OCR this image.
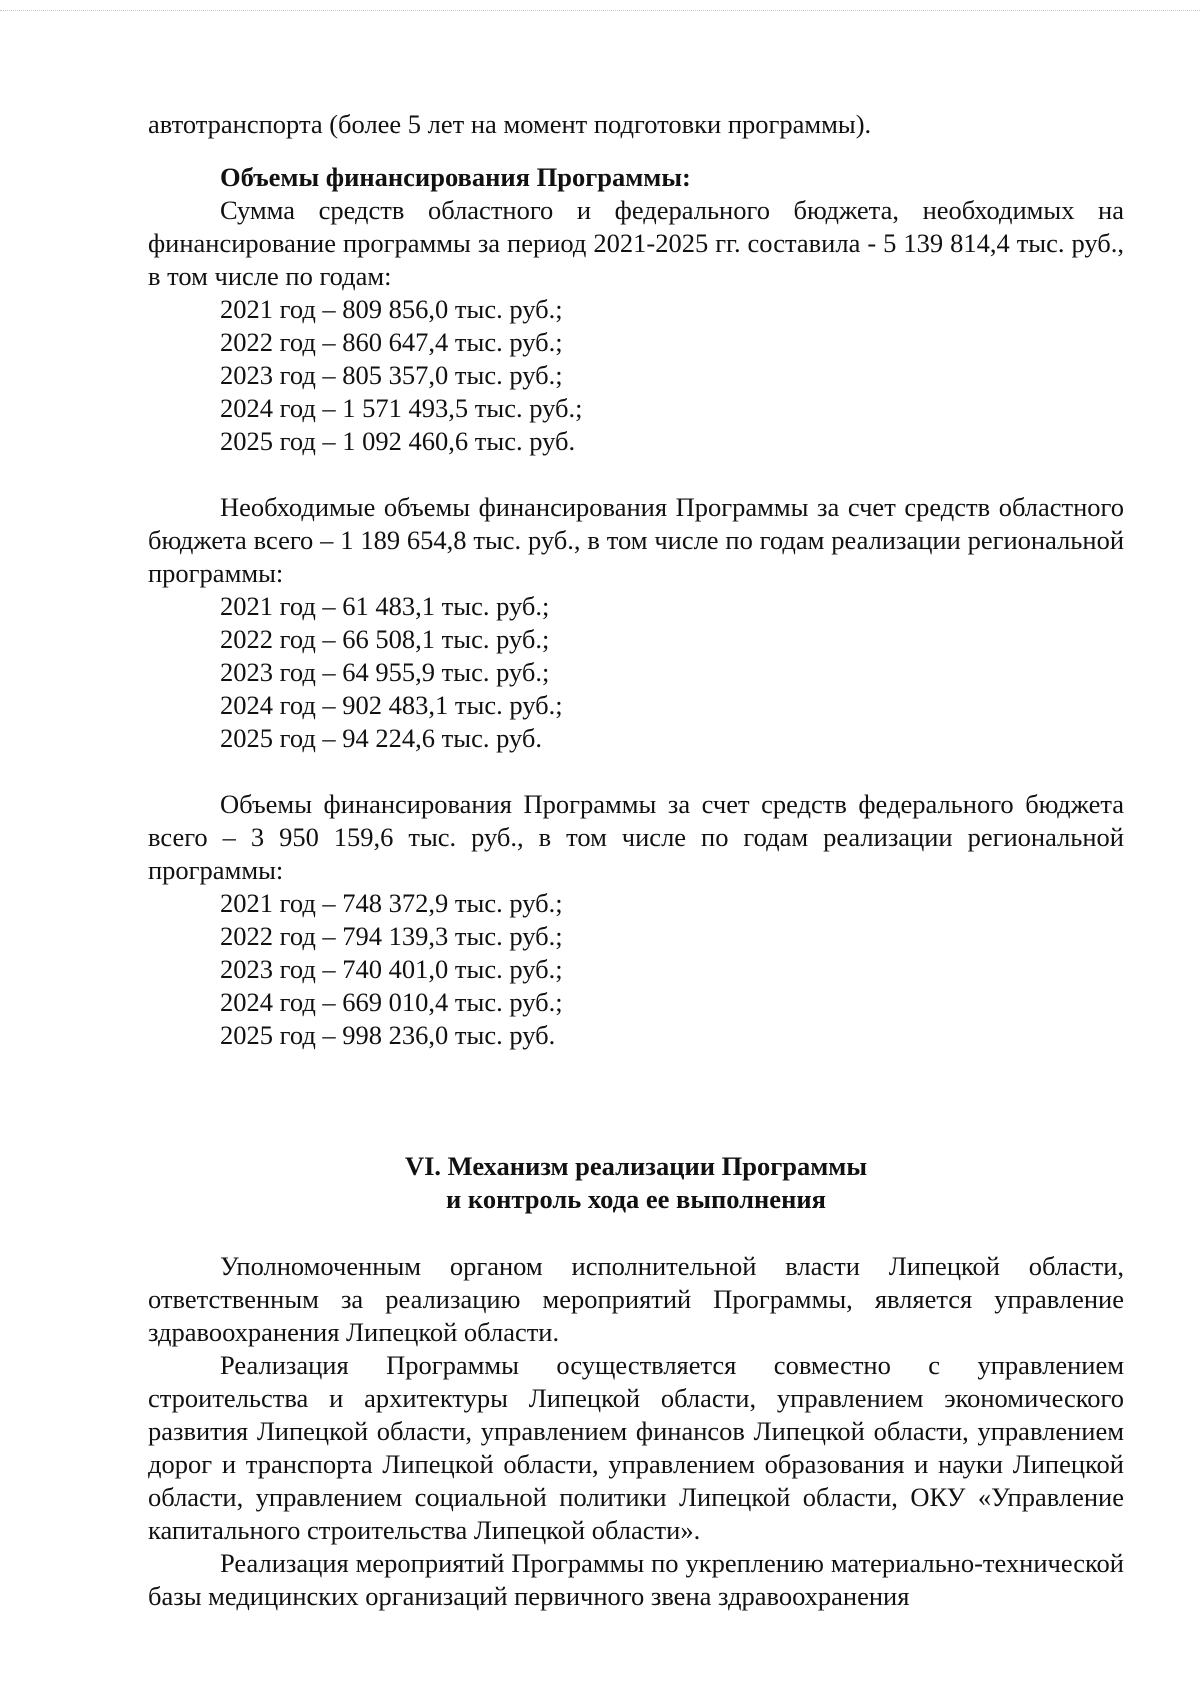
автотранспорта (более 5 лет на момент подготовки программы).

Объемы финансирования Программы:

Сумма средств областного и федерального бюджета, необходимых на финансирование программы за период 2021-2025 гг. составила - 5 139 814,4 тыс. руб., в том числе по годам:

2021 год – 809 856,0 тыс. руб.;
2022 год – 860 647,4 тыс. руб.;
2023 год – 805 357,0 тыс. руб.;
2024 год – 1 571 493,5 тыс. руб.;
2025 год – 1 092 460,6 тыс. руб.

Необходимые объемы финансирования Программы за счет средств областного бюджета всего – 1 189 654,8 тыс. руб., в том числе по годам реализации региональной программы:

2021 год – 61 483,1 тыс. руб.;
2022 год – 66 508,1 тыс. руб.;
2023 год – 64 955,9 тыс. руб.;
2024 год – 902 483,1 тыс. руб.;
2025 год – 94 224,6 тыс. руб.

Объемы финансирования Программы за счет средств федерального бюджета всего – 3 950 159,6 тыс. руб., в том числе по годам реализации региональной программы:

2021 год – 748 372,9 тыс. руб.;
2022 год – 794 139,3 тыс. руб.;
2023 год – 740 401,0 тыс. руб.;
2024 год – 669 010,4 тыс. руб.;
2025 год – 998 236,0 тыс. руб.
VI. Механизм реализации Программы
и контроль хода ее выполнения

Уполномоченным органом исполнительной власти Липецкой области, ответственным за реализацию мероприятий Программы, является управление здравоохранения Липецкой области.

Реализация Программы осуществляется совместно с управлением строительства и архитектуры Липецкой области, управлением экономического развития Липецкой области, управлением финансов Липецкой области, управлением дорог и транспорта Липецкой области, управлением образования и науки Липецкой области, управлением социальной политики Липецкой области, ОКУ «Управление капитального строительства Липецкой области».

Реализация мероприятий Программы по укреплению материально-технической базы медицинских организаций первичного звена здравоохранения
